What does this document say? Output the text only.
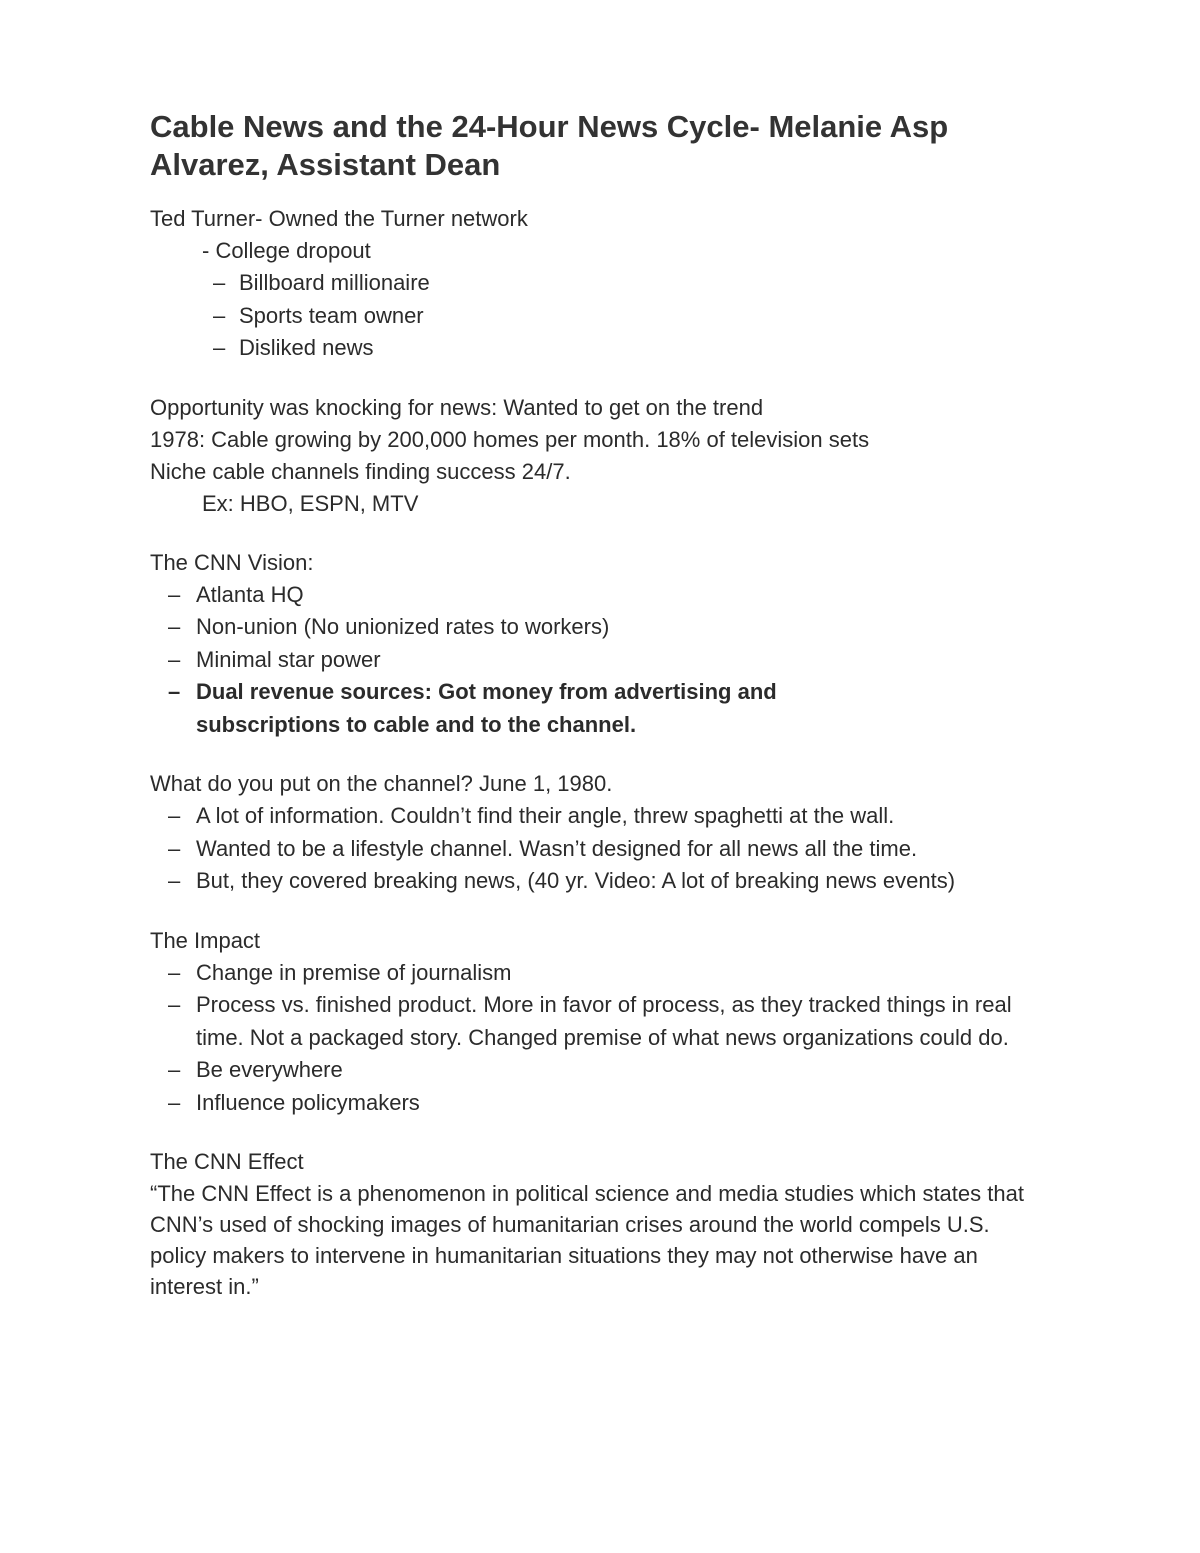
Cable News and the 24-Hour News Cycle- Melanie Asp Alvarez, Assistant Dean

Ted Turner- Owned the Turner network

- College dropout

– Billboard millionaire
– Sports team owner
– Disliked news

Opportunity was knocking for news: Wanted to get on the trend

1978: Cable growing by 200,000 homes per month. 18% of television sets

Niche cable channels finding success 24/7.

Ex: HBO, ESPN, MTV

The CNN Vision:

– Atlanta HQ
– Non-union (No unionized rates to workers)
– Minimal star power
– Dual revenue sources: Got money from advertising and subscriptions to cable and to the channel.

What do you put on the channel? June 1, 1980.

– A lot of information. Couldn’t find their angle, threw spaghetti at the wall.
– Wanted to be a lifestyle channel. Wasn’t designed for all news all the time.
– But, they covered breaking news, (40 yr. Video: A lot of breaking news events)

The Impact

– Change in premise of journalism
– Process vs. finished product. More in favor of process, as they tracked things in real time. Not a packaged story. Changed premise of what news organizations could do.
– Be everywhere
– Influence policymakers

The CNN Effect

“The CNN Effect is a phenomenon in political science and media studies which states that CNN’s used of shocking images of humanitarian crises around the world compels U.S. policy makers to intervene in humanitarian situations they may not otherwise have an interest in.”
